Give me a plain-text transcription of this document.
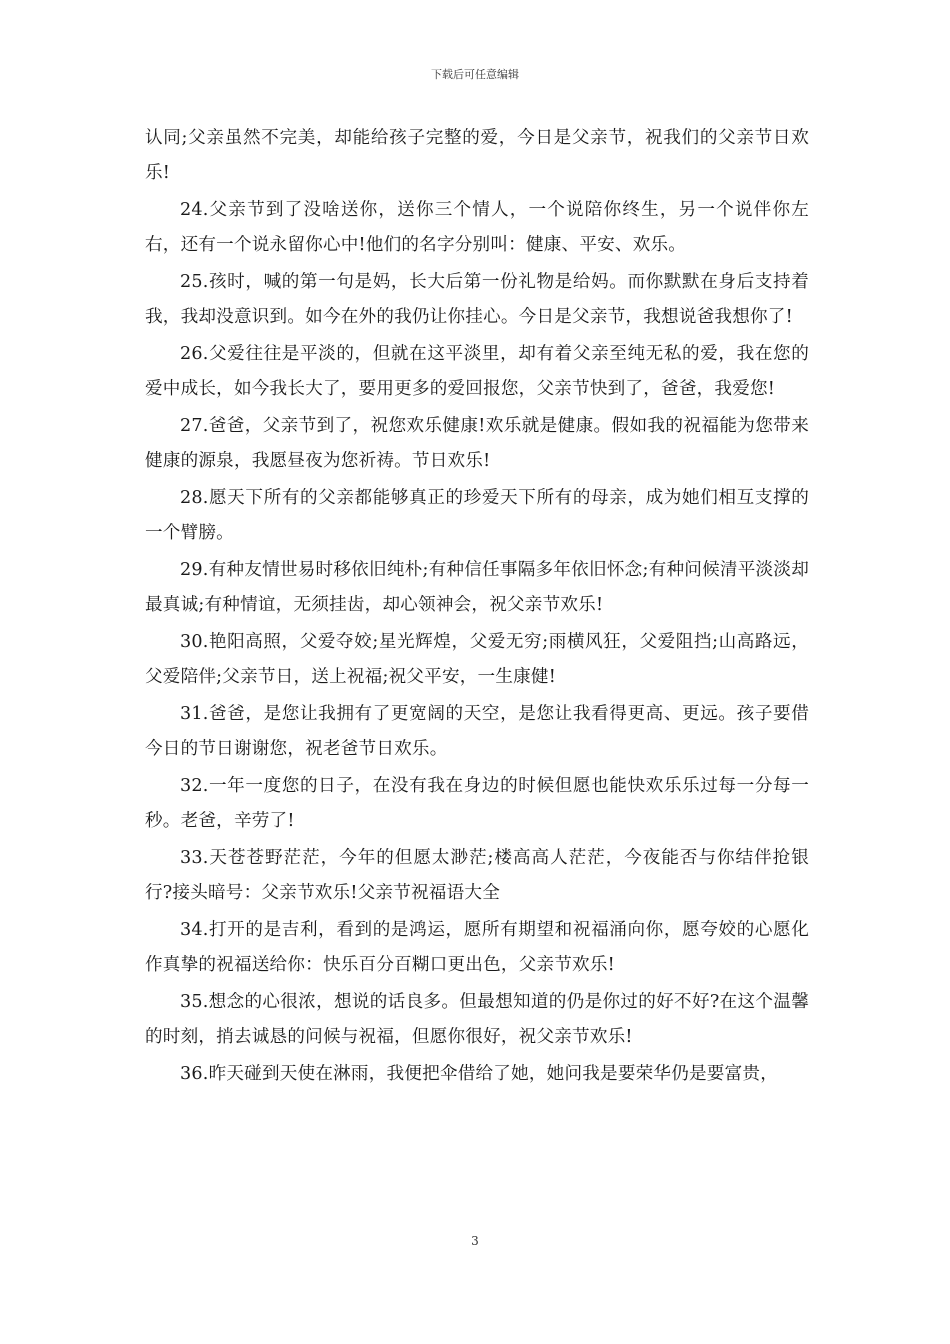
下载后可任意编辑

认同;父亲虽然不完美，却能给孩子完整的爱，今日是父亲节，祝我们的父亲节日欢乐!

24.父亲节到了没啥送你，送你三个情人，一个说陪你终生，另一个说伴你左右，还有一个说永留你心中!他们的名字分别叫：健康、平安、欢乐。

25.孩时，喊的第一句是妈，长大后第一份礼物是给妈。而你默默在身后支持着我，我却没意识到。如今在外的我仍让你挂心。今日是父亲节，我想说爸我想你了!

26.父爱往往是平淡的，但就在这平淡里，却有着父亲至纯无私的爱，我在您的爱中成长，如今我长大了，要用更多的爱回报您，父亲节快到了，爸爸，我爱您!

27.爸爸，父亲节到了，祝您欢乐健康!欢乐就是健康。假如我的祝福能为您带来健康的源泉，我愿昼夜为您祈祷。节日欢乐!

28.愿天下所有的父亲都能够真正的珍爱天下所有的母亲，成为她们相互支撑的一个臂膀。

29.有种友情世易时移依旧纯朴;有种信任事隔多年依旧怀念;有种问候清平淡淡却最真诚;有种情谊，无须挂齿，却心领神会，祝父亲节欢乐!

30.艳阳高照，父爱夺姣;星光辉煌，父爱无穷;雨横风狂，父爱阻挡;山高路远，父爱陪伴;父亲节日，送上祝福;祝父平安，一生康健!

31.爸爸，是您让我拥有了更宽阔的天空，是您让我看得更高、更远。孩子要借今日的节日谢谢您，祝老爸节日欢乐。

32.一年一度您的日子，在没有我在身边的时候但愿也能快欢乐乐过每一分每一秒。老爸，辛劳了!

33.天苍苍野茫茫，今年的但愿太渺茫;楼高高人茫茫，今夜能否与你结伴抢银行?接头暗号：父亲节欢乐!父亲节祝福语大全

34.打开的是吉利，看到的是鸿运，愿所有期望和祝福涌向你，愿夸姣的心愿化作真挚的祝福送给你：快乐百分百糊口更出色，父亲节欢乐!

35.想念的心很浓，想说的话良多。但最想知道的仍是你过的好不好?在这个温馨的时刻，捎去诚恳的问候与祝福，但愿你很好，祝父亲节欢乐!

36.昨天碰到天使在淋雨，我便把伞借给了她，她问我是要荣华仍是要富贵，

3
